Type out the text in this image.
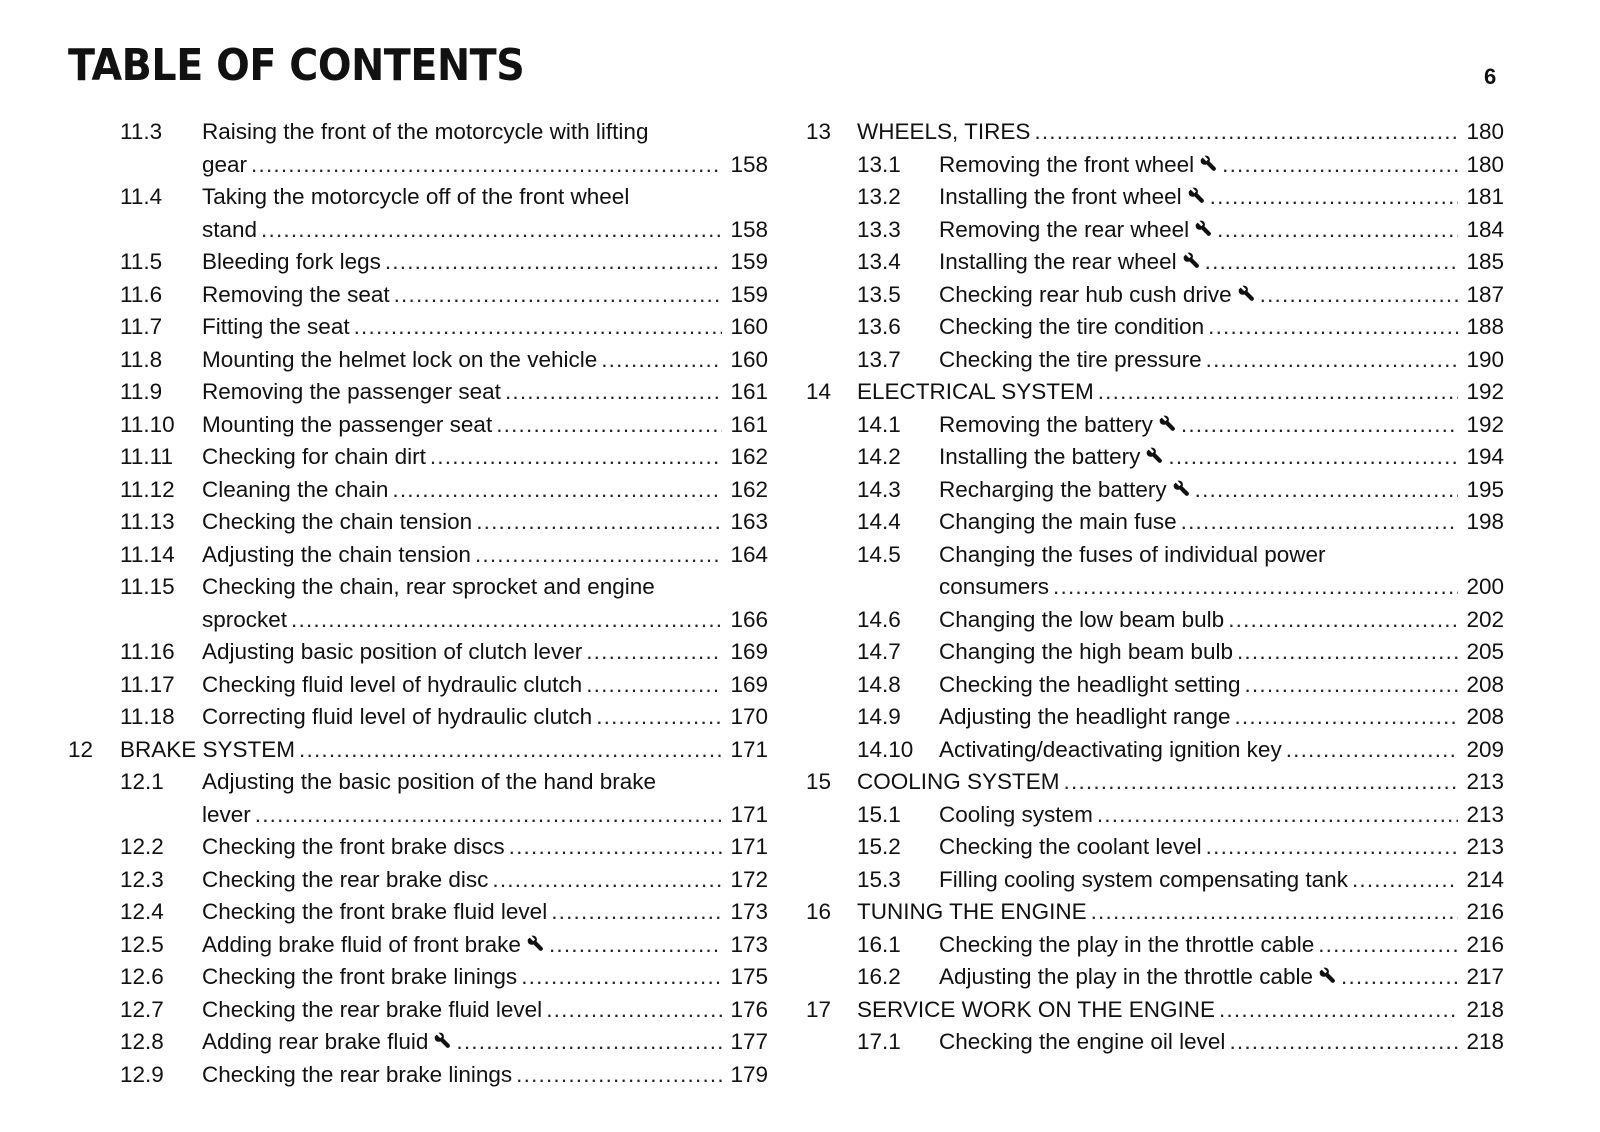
TABLE OF CONTENTS	6
11.3 Raising the front of the motorcycle with lifting
gear .....	158
11.4 Taking the motorcycle off of the front wheel
stand .....	158
11.5 Bleeding fork legs .....	159
11.6 Removing the seat .....	159
11.7 Fitting the seat .....	160
11.8 Mounting the helmet lock on the vehicle .....	160
11.9 Removing the passenger seat .....	161
11.10 Mounting the passenger seat .....	161
11.11 Checking for chain dirt .....	162
11.12 Cleaning the chain .....	162
11.13 Checking the chain tension .....	163
11.14 Adjusting the chain tension .....	164
11.15 Checking the chain, rear sprocket and engine
sprocket .....	166
11.16 Adjusting basic position of clutch lever .....	169
11.17 Checking fluid level of hydraulic clutch .....	169
11.18 Correcting fluid level of hydraulic clutch .....	170
12 BRAKE SYSTEM .....	171
12.1 Adjusting the basic position of the hand brake
lever .....	171
12.2 Checking the front brake discs .....	171
12.3 Checking the rear brake disc .....	172
12.4 Checking the front brake fluid level .....	173
12.5 Adding brake fluid of front brake .....	173
12.6 Checking the front brake linings .....	175
12.7 Checking the rear brake fluid level .....	176
12.8 Adding rear brake fluid .....	177
12.9 Checking the rear brake linings .....	179
13 WHEELS, TIRES .....	180
13.1 Removing the front wheel .....	180
13.2 Installing the front wheel .....	181
13.3 Removing the rear wheel .....	184
13.4 Installing the rear wheel .....	185
13.5 Checking rear hub cush drive .....	187
13.6 Checking the tire condition .....	188
13.7 Checking the tire pressure .....	190
14 ELECTRICAL SYSTEM .....	192
14.1 Removing the battery .....	192
14.2 Installing the battery .....	194
14.3 Recharging the battery .....	195
14.4 Changing the main fuse .....	198
14.5 Changing the fuses of individual power
consumers .....	200
14.6 Changing the low beam bulb .....	202
14.7 Changing the high beam bulb .....	205
14.8 Checking the headlight setting .....	208
14.9 Adjusting the headlight range .....	208
14.10 Activating/deactivating ignition key .....	209
15 COOLING SYSTEM .....	213
15.1 Cooling system .....	213
15.2 Checking the coolant level .....	213
15.3 Filling cooling system compensating tank .....	214
16 TUNING THE ENGINE .....	216
16.1 Checking the play in the throttle cable .....	216
16.2 Adjusting the play in the throttle cable .....	217
17 SERVICE WORK ON THE ENGINE .....	218
17.1 Checking the engine oil level .....	218
